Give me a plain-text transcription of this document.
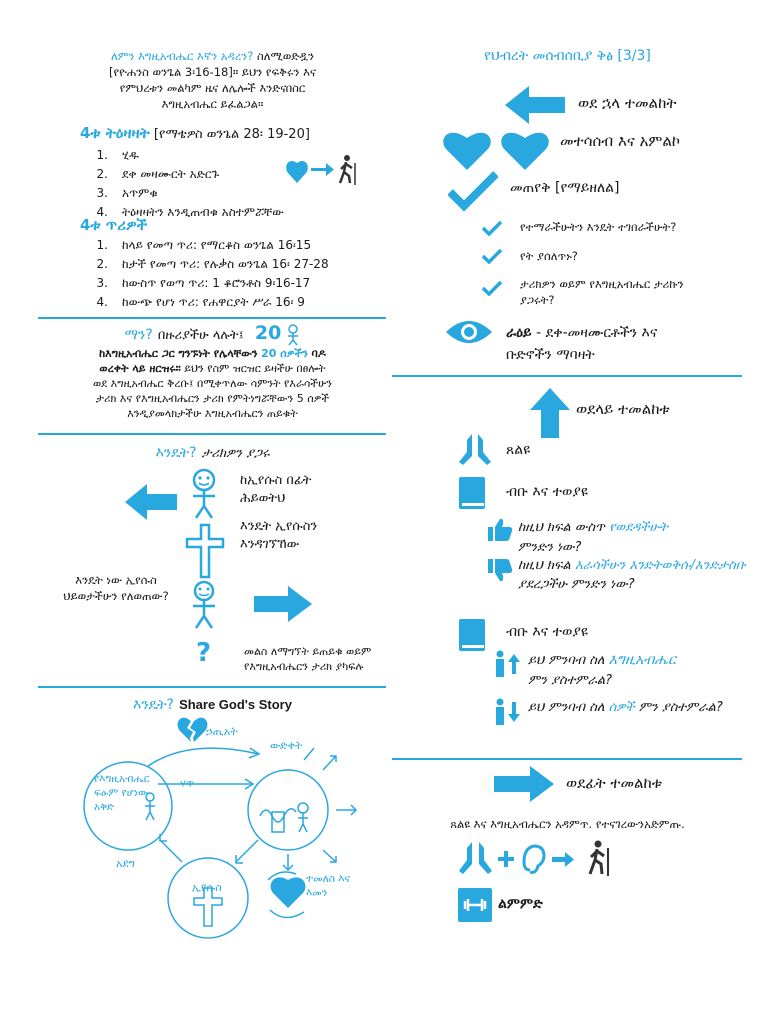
ለምን እግዚአብሔር እኛን አዳረን? ስለሚወድዷን
[የዮሐንስ ወንጌል 3፡16-18]። ይህን የፍቅሩን እና
የምህረቱን መልካም ዜና ለሌሎች እንድናበስር
እግዚአብሔር ይፈልጋል።
4ቱ ትዕዛዛት [የማቴዎስ ወንጌል 28፡ 19-20]
1.	ሂዱ
2.	ደቀ መዛሙርት አድርጉ
3.	አጥምቁ
4.	ትዕዛዛትን እንዲጠብቁ አስተምሯቸው
4ቱ ጥሪዎች
1.	ከላይ የመጣ ጥሪ: የማርቆስ ወንጌል 16፡15
2.	ከታች የመጣ ጥሪ: የሉቃስ ወንጌል 16፡ 27-28
3.	ከውስጥ የወጣ ጥሪ: 1 ቆሮንቶስ 9፡16-17
4.	ከውጭ የሆነ ጥሪ: የሐዋርያት ሥራ 16፡ 9
ማን? በዙሪያችሁ ላሉት፤ 20
ከእግዚአብሔር ጋር ግንኙነት የሌላቸውን 20 ሰዎችን ባዶ
ወረቀት ላይ ዘርዝሩ። ይህን የስም ዝርዝር ይዛችሁ በፀሎት
ወደ እግዚአብሔር ቅረቡ፤ በሚቀጥለው ሳምንት የእራሳችሁን
ታሪክ እና የእግዚአብሔርን ታሪክ የምትነግሯቸውን 5 ሰዎች
እንዲያመላክታችሁ እግዚአብሔርን ጠይቁት
እንዴት? ታሪክዎን ያጋሩ
ከኢየሱስ በፊት ሕይወትህ
እንዴት ኢየሱስን እንዳገኘኸው
እንዴት ነው ኢየሱስ ህይወታችሁን የለወጠው?
?	መልስ ለማግኘት ይጠይቁ ወይም የእግዚአብሔርን ታሪክ ያካፍሉ
እንዴት? Share God's Story
ኃጢአት
ውድቀት
ሃጥ
የእግዚአብሔር ፍፁም የሆነው አቅድ
አደግ
ኢየሱስ
ተመለስ እና እመን
የህብረት መሰብሰቢያ ቅፅ [3/3]
ወደ ኋላ ተመልከት
መተሳሰብ እና አምልኮ
መጠየቅ [የማይዘለል]
የተማራችሁትን እንዴት ተገበራችሁት?
የት ያሰለጥኑ?
ታሪክዎን ወይም የእግዚአብሔር ታሪኩን ያጋሩት?
ራዕይ - ደቀ-መዛሙርቶችን እና
ቡድኖችን ማባዛት
ወደላይ ተመልከቱ
ጸልዩ
ብቡ እና ተወያዩ
ከዚህ ክፍል ውስጥ የወደዳችሁት
ምንድን ነው?
ከዚህ ክፍል እራሳችሁን እንድትወቅሱ/እንድታስቡ
ያደረጋችሁ ምንድን ነው?
ብቡ እና ተወያዩ
ይህ ምንባብ ስለ እግዚአብሔር
ምን ያስተምራል?
ይህ ምንባብ ስለ ሰዎች ምን ያስተምራል?
ወደፊት ተመልከቱ
ጸልዩ እና እግዚአብሔርን አዳምጥ. የተናገረውንአድምጡ.
ልምምድ
